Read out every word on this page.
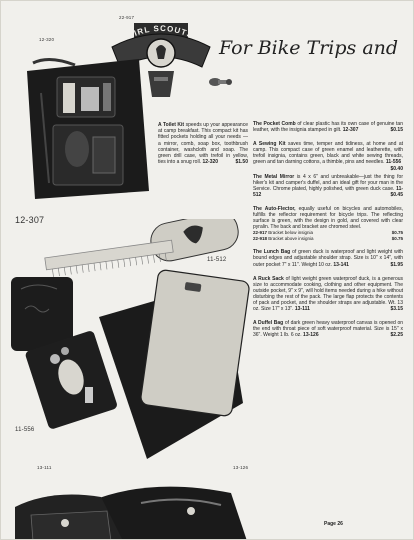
22-917
12-320
12-307
11-512
11-556
13-111	13-126
GIRL SCOUTS
For Bike Trips and
A Toilet Kit speeds up your appearance at camp breakfast. This compact kit has fitted pockets holding all your needs — a mirror, comb, soap box, toothbrush container, washcloth and soap. The green drill case, with trefoil in yellow, ties into a snug roll. 12-320	$1.50
The Pocket Comb of clear plastic has its own case of genuine tan leather, with the insignia stamped in gilt. 12-307	$0.15
A Sewing Kit saves time, temper and tidiness, at home and at camp. This compact case of green enamel and leatherette, with trefoil insignia, contains green, black and white sewing threads, green and tan darning cottons, a thimble, pins and needles. 11-556
$0.40
The Metal Mirror is 4 x 6" and unbreakable—just the thing for hiker's kit and camper's duffel, and an ideal gift for your man in the Service. Chrome plated, highly polished, with green duck case. 11-512	$0.45
The Auto-Flector, equally useful on bicycles and automobiles, fulfills the reflector requirement for bicycle trips. The reflecting surface is green, with the design in gold, and covered with clear pyralin. The back and bracket are chromed steel.
22-917 Bracket below insignia	$0.75
22-918 Bracket above insignia	$0.75
The Lunch Bag of green duck is waterproof and light weight with bound edges and adjustable shoulder strap. Size is 10" x 14", with outer pocket 7" x 11". Weight 10 oz. 13-141	$1.95
A Ruck Sack of light weight green waterproof duck, is a generous size to accommodate cooking, clothing and other equipment. The outside pocket, 9" x 9", will hold items needed during a hike without disturbing the rest of the pack. The large flap protects the contents of pack and pocket, and the shoulder straps are adjustable. Wt. 13 oz. Size 17" x 13". 13-111	$3.15
A Duffel Bag of dark green heavy waterproof canvas is opened on the end with throat piece of soft waterproof material. Size is 15" x 36". Weight 1 lb. 6 oz. 13-126	$2.25
Page 26
